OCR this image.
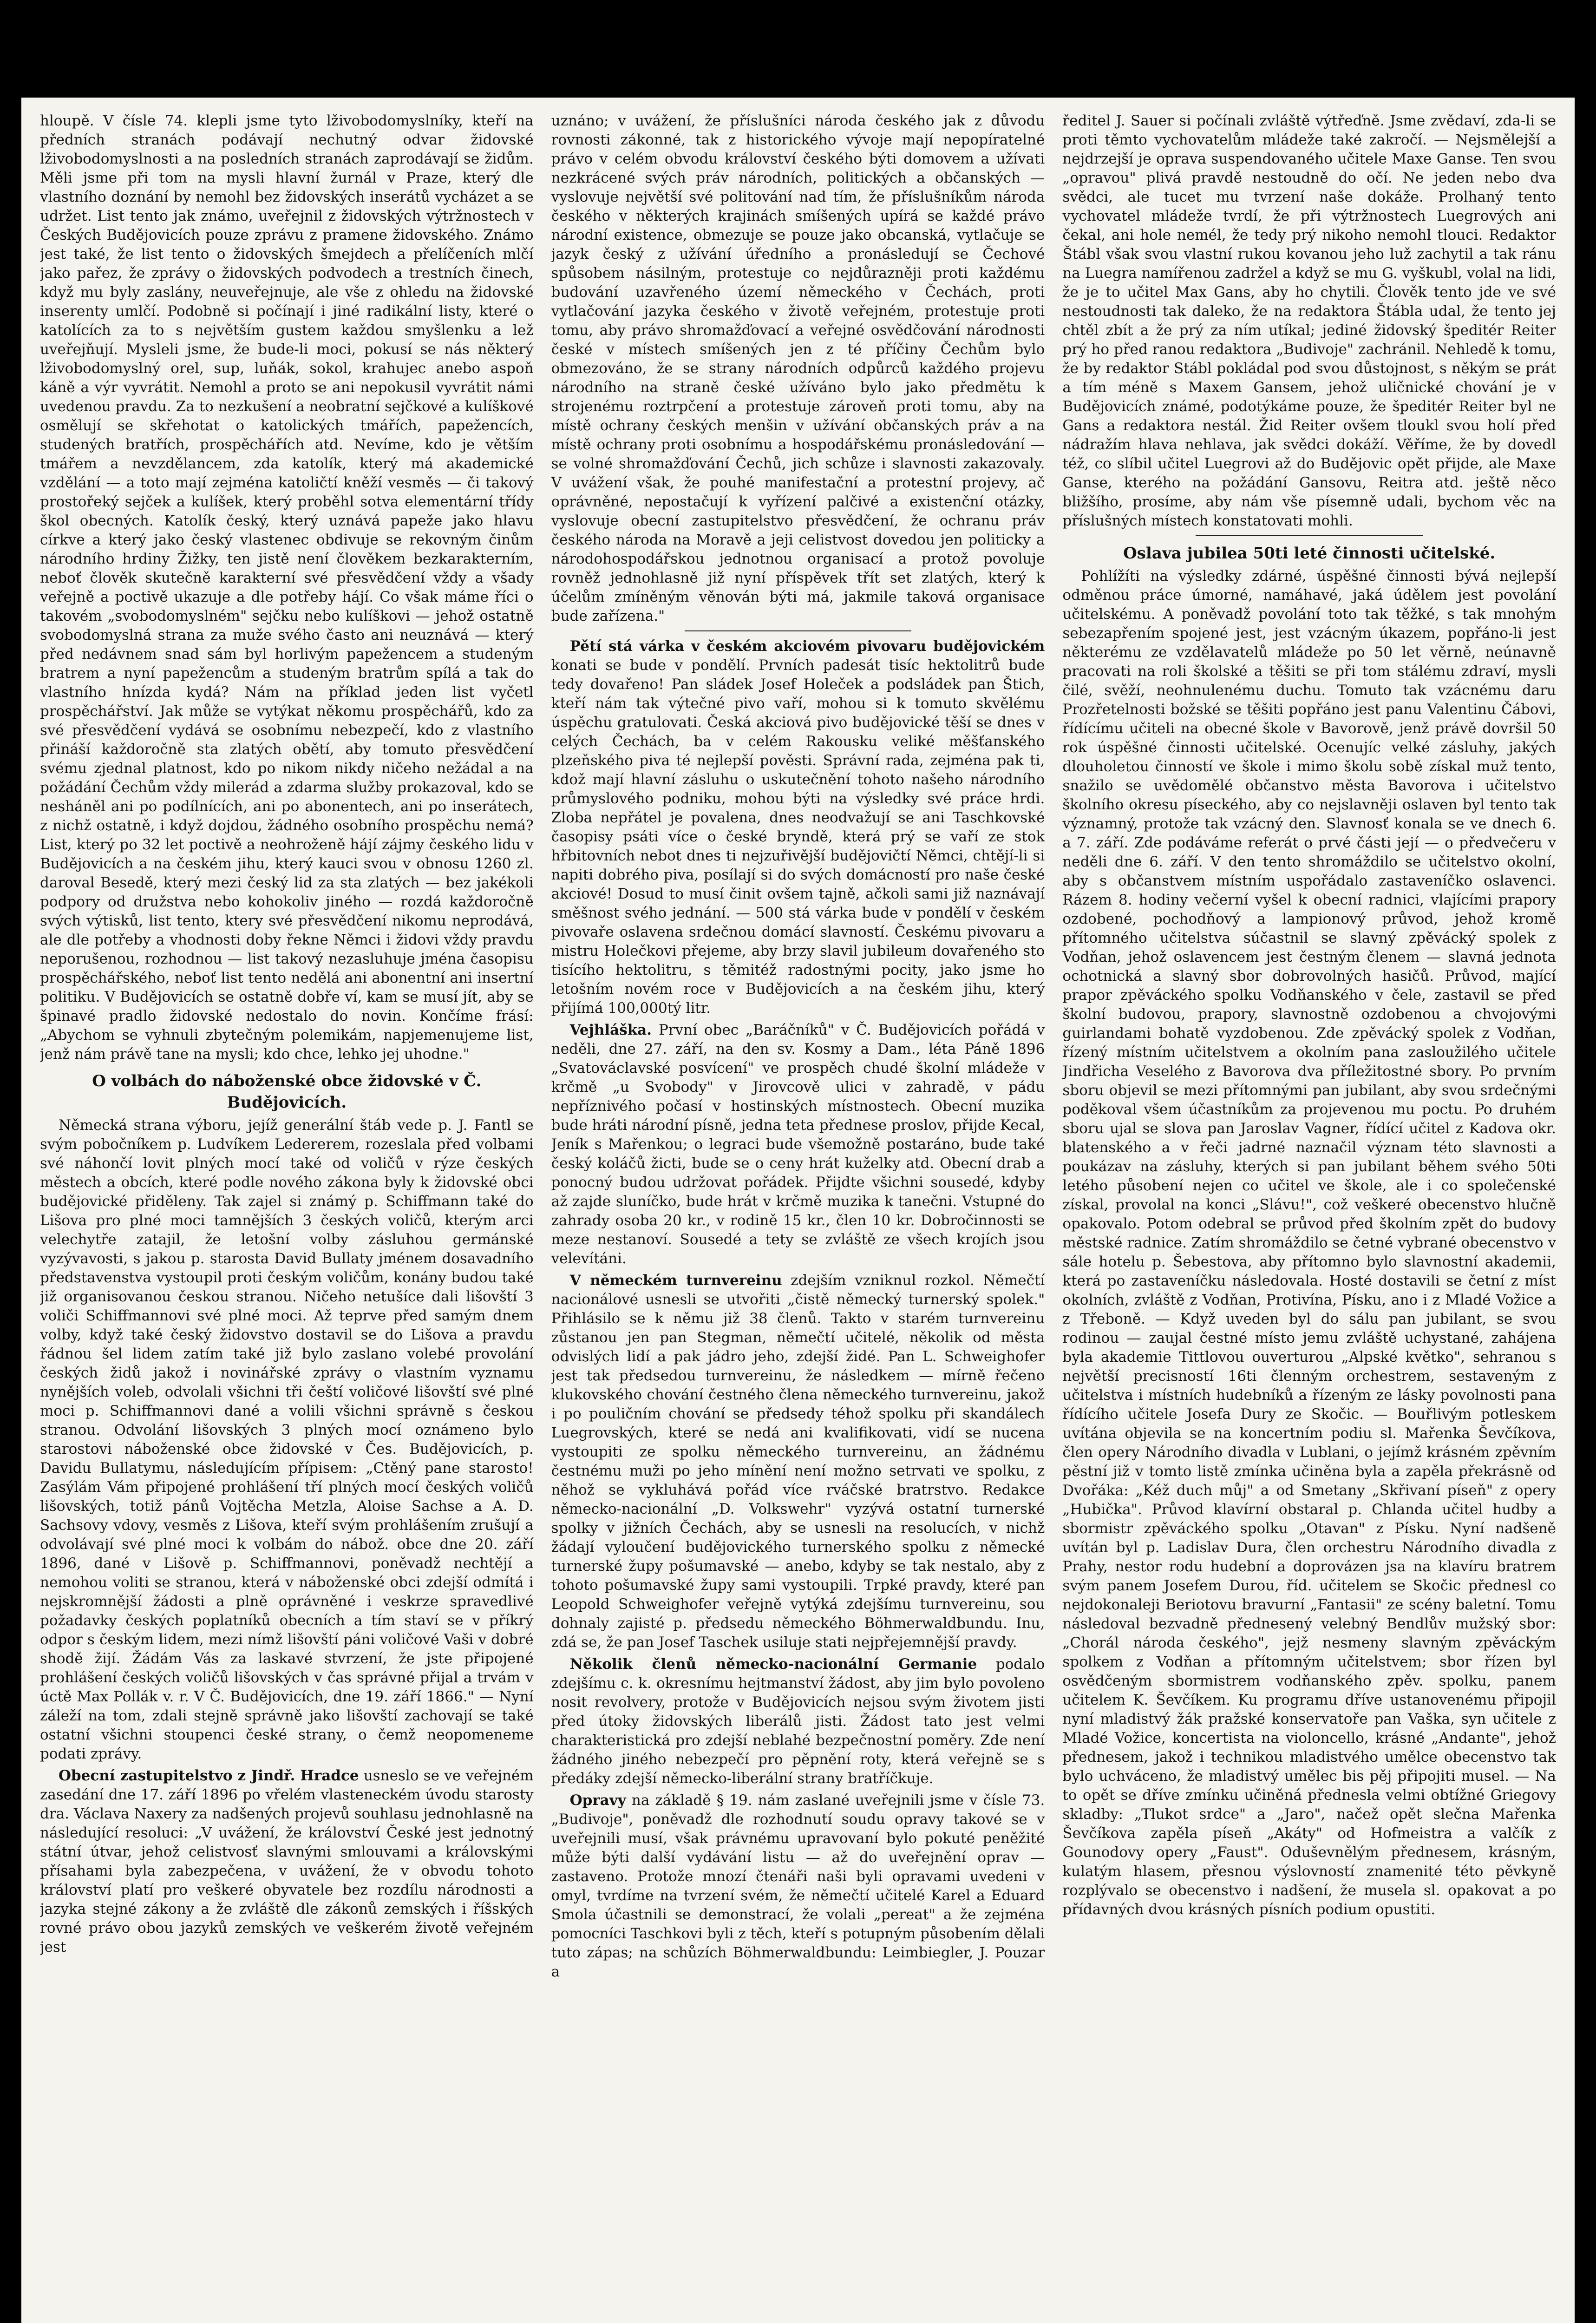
hloupě. V čísle 74. klepli jsme tyto lživobodomyslníky, kteří na předních stranách podávají nechutný odvar židovské lživobodomyslnosti a na posledních stranách zaprodávají se židům. Měli jsme při tom na mysli hlavní žurnál v Praze, který dle vlastního doznání by nemohl bez židovských inserátů vycházet a se udržet. List tento jak známo, uveřejnil z židovských výtržnostech v Českých Budějovicích pouze zprávu z pramene židovského. Známo jest také, že list tento o židovských šmejdech a přelíčeních mlčí jako pařez, že zprávy o židovských podvodech a trestních činech, když mu byly zaslány, neuveřejnuje, ale vše z ohledu na židovské inserenty umlčí. Podobně si počínají i jiné radikální listy, které o katolících za to s největším gustem každou smyšlenku a lež uveřejňují. Mysleli jsme, že bude-li moci, pokusí se nás některý lživobodomyslný orel, sup, luňák, sokol, krahujec anebo aspoň káně a výr vyvrátit. Nemohl a proto se ani nepokusil vyvrátit námi uvedenou pravdu. Za to nezkušení a neobratní sejčkové a kulíškové osmělují se skřehotat o katolických tmářích, papežencích, studených bratřích, prospěchářích atd. Nevíme, kdo je větším tmářem a nevzdělancem, zda katolík, který má akademické vzdělání — a toto mají zejména katoličtí kněží vesměs — či takový prostořeký sejček a kulíšek, který proběhl sotva elementární třídy škol obecných. Katolík český, který uznává papeže jako hlavu církve a který jako český vlastenec obdivuje se rekovným činům národního hrdiny Žižky, ten jistě není člověkem bezkarakterním, neboť člověk skutečně karakterní své přesvědčení vždy a všady veřejně a poctivě ukazuje a dle potřeby hájí. Co však máme říci o takovém „svobodomyslném" sejčku nebo kulíškovi — jehož ostatně svobodomyslná strana za muže svého často ani neuznává — který před nedávnem snad sám byl horlivým papežencem a studeným bratrem a nyní papežencům a studeným bratrům spílá a tak do vlastního hnízda kydá? Nám na příklad jeden list vyčetl prospěchářství. Jak může se vytýkat někomu prospěchářů, kdo za své přesvědčení vydává se osobnímu nebezpečí, kdo z vlastního přináší každoročně sta zlatých obětí, aby tomuto přesvědčení svému zjednal platnost, kdo po nikom nikdy ničeho nežádal a na požádání Čechům vždy milerád a zdarma služby prokazoval, kdo se nesháněl ani po podílnících, ani po abonentech, ani po inserátech, z nichž ostatně, i když dojdou, žádného osobního prospěchu nemá? List, který po 32 let poctivě a neohroženě hájí zájmy českého lidu v Budějovicích a na českém jihu, který kauci svou v obnosu 1260 zl. daroval Besedě, který mezi český lid za sta zlatých — bez jakékoli podpory od družstva nebo kohokoliv jiného — rozdá každoročně svých výtisků, list tento, ktery své přesvědčení nikomu neprodává, ale dle potřeby a vhodnosti doby řekne Němci i židovi vždy pravdu neporušenou, rozhodnou — list takový nezasluhuje jména časopisu prospěchářského, neboť list tento nedělá ani abonentní ani insertní politiku. V Budějovicích se ostatně dobře ví, kam se musí jít, aby se špinavé pradlo židovské nedostalo do novin. Končíme frásí: „Abychom se vyhnuli zbytečným polemikám, napjemenujeme list, jenž nám právě tane na mysli; kdo chce, lehko jej uhodne."

O volbách do náboženské obce židovské v Č. Budějovicích.

Německá strana výboru, jejíž generální štáb vede p. J. Fantl se svým pobočníkem p. Ludvíkem Ledererem, rozeslala před volbami své náhončí lovit plných mocí také od voličů v rýze českých městech a obcích, které podle nového zákona byly k židovské obci budějovické přiděleny. Tak zajel si známý p. Schiffmann také do Lišova pro plné moci tamnějších 3 českých voličů, kterým arci velechytře zatajil, že letošní volby zásluhou germánské vyzývavosti, s jakou p. starosta David Bullaty jménem dosavadního představenstva vystoupil proti českým voličům, konány budou také již organisovanou českou stranou. Ničeho netušíce dali lišovští 3 voliči Schiffmannovi své plné moci. Až teprve před samým dnem volby, když také český židovstvo dostavil se do Lišova a pravdu řádnou šel lidem zatím také již bylo zaslano volebé provolání českých židů jakož i novinářské zprávy o vlastním vyznamu nynějších voleb, odvolali všichni tři čeští voličové lišovští své plné moci p. Schiffmannovi dané a volili všichni správně s českou stranou. Odvolání lišovských 3 plných mocí oznámeno bylo starostovi náboženské obce židovské v Čes. Budějovicích, p. Davidu Bullatymu, následujícím přípisem: „Ctěný pane starosto! Zasýlám Vám připojené prohlášení tří plných mocí českých voličů lišovských, totiž pánů Vojtěcha Metzla, Aloise Sachse a A. D. Sachsovy vdovy, vesměs z Lišova, kteří svým prohlášením zrušují a odvolávají své plné moci k volbám do nábož. obce dne 20. září 1896, dané v Lišově p. Schiffmannovi, poněvadž nechtějí a nemohou voliti se stranou, která v náboženské obci zdejší odmítá i nejskromnější žádosti a plně oprávněné i veskrze spravedlivé požadavky českých poplatníků obecních a tím staví se v příkrý odpor s českým lidem, mezi nímž lišovští páni voličové Vaši v dobré shodě žijí. Žádám Vás za laskavé stvrzení, že jste připojené prohlášení českých voličů lišovských v čas správné přijal a trvám v úctě Max Pollák v. r. V Č. Budějovicích, dne 19. září 1866." — Nyní záleží na tom, zdali stejně správně jako lišovští zachovají se také ostatní všichni stoupenci české strany, o čemž neopomeneme podati zprávy.

Obecní zastupitelstvo z Jindř. Hradce usneslo se ve veřejném zasedání dne 17. září 1896 po vřelém vlasteneckém úvodu starosty dra. Václava Naxery za nadšených projevů souhlasu jednohlasně na následující resoluci: „V uvážení, že království České jest jednotný státní útvar, jehož celistvosť slavnými smlouvami a královskými přísahami byla zabezpečena, v uvážení, že v obvodu tohoto království platí pro veškeré obyvatele bez rozdílu národnosti a jazyka stejné zákony a že zvláště dle zákonů zemských i říšských rovné právo obou jazyků zemských ve veškerém životě veřejném jest

uznáno; v uvážení, že příslušníci národa českého jak z důvodu rovnosti zákonné, tak z historického vývoje mají nepopíratelné právo v celém obvodu království českého býti domovem a užívati nezkrácené svých práv národních, politických a občanských — vyslovuje největší své politování nad tím, že příslušníkům národa českého v některých krajinách smíšených upírá se každé právo národní existence, obmezuje se pouze jako obcanská, vytlačuje se jazyk český z užívání úředního a pronásledují se Čechové spůsobem násilným, protestuje co nejdůrazněji proti každému budování uzavřeného území německého v Čechách, proti vytlačování jazyka českého v životě veřejném, protestuje proti tomu, aby právo shromažďovací a veřejné osvědčování národnosti české v místech smíšených jen z té příčiny Čechům bylo obmezováno, že se strany národních odpůrců každého projevu národního na straně české užíváno bylo jako předmětu k strojenému roztrpčení a protestuje zároveň proti tomu, aby na místě ochrany českých menšin v užívání občanských práv a na místě ochrany proti osobnímu a hospodářskému pronásledování — se volné shromažďování Čechů, jich schůze i slavnosti zakazovaly. V uvážení však, že pouhé manifestační a protestní projevy, ač oprávněné, nepostačují k vyřízení palčivé a existenční otázky, vyslovuje obecní zastupitelstvo přesvědčení, že ochranu práv českého národa na Moravě a jeji celistvost dovedou jen politicky a národohospodářskou jednotnou organisací a protož povoluje rovněž jednohlasně již nyní příspěvek třít set zlatých, který k účelům zmíněným věnován býti má, jakmile taková organisace bude zařízena."

Pětí stá várka v českém akciovém pivovaru budějovickém konati se bude v pondělí. Prvních padesát tisíc hektolitrů bude tedy dovařeno! Pan sládek Josef Holeček a podsládek pan Štich, kteří nám tak výtečné pivo vaří, mohou si k tomuto skvělému úspěchu gratulovati. Česká akciová pivo budějovické těší se dnes v celých Čechách, ba v celém Rakousku veliké měšťanského plzeňského piva té nejlepší pověsti. Správní rada, zejména pak ti, kdož mají hlavní zásluhu o uskutečnění tohoto našeho národního průmyslového podniku, mohou býti na výsledky své práce hrdi. Zloba nepřátel je povalena, dnes neodvažují se ani Taschkovské časopisy psáti více o české bryndě, která prý se vaří ze stok hřbitovních nebot dnes ti nejzuřivější budějovičtí Němci, chtějí-li si napiti dobrého piva, posílají si do svých domácností pro naše české akciové! Dosud to musí činit ovšem tajně, ačkoli sami již naznávají směšnost svého jednání. — 500 stá várka bude v pondělí v českém pivovaře oslavena srdečnou domácí slavností. Českému pivovaru a mistru Holečkovi přejeme, aby brzy slavil jubileum dovařeného sto tisícího hektolitru, s těmitéž radostnými pocity, jako jsme ho letošním novém roce v Budějovicích a na českém jihu, který přijímá 100,000tý litr.

Vejhláška. První obec „Baráčníků" v Č. Budějovicích pořádá v neděli, dne 27. září, na den sv. Kosmy a Dam., léta Páně 1896 „Svatováclavské posvícení" ve prospěch chudé školní mládeže v krčmě „u Svobody" v Jirovcově ulici v zahradě, v pádu nepříznivého počasí v hostinských místnostech. Obecní muzika bude hráti národní písně, jedna teta přednese proslov, přijde Kecal, Jeník s Mařenkou; o legraci bude všemožně postaráno, bude také český koláčů žicti, bude se o ceny hrát kuželky atd. Obecní drab a ponocný budou udržovat pořádek. Přijdte všichni sousedé, kdyby až zajde sluníčko, bude hrát v krčmě muzika k tanečni. Vstupné do zahrady osoba 20 kr., v rodině 15 kr., člen 10 kr. Dobročinnosti se meze nestanoví. Sousedé a tety se zvláště ze všech krojích jsou velevítáni.

V německém turnvereinu zdejším vzniknul rozkol. Němečtí nacionálové usnesli se utvořiti „čistě německý turnerský spolek." Přihlásilo se k němu již 38 členů. Takto v starém turnvereinu zůstanou jen pan Stegman, němečtí učitelé, několik od města odvislých lidí a pak jádro jeho, zdejší židé. Pan L. Schweighofer jest tak předsedou turnvereinu, že následkem — mírně řečeno klukovského chování čestného člena německého turnvereinu, jakož i po pouličním chování se předsedy téhož spolku při skandálech Luegrovských, které se nedá ani kvalifikovati, vidí se nucena vystoupiti ze spolku německého turnvereinu, an žádnému čestnému muži po jeho mínění není možno setrvati ve spolku, z něhož se vykluhává pořád více rváčské bratrstvo. Redakce německo-nacionální „D. Volkswehr" vyzývá ostatní turnerské spolky v jižních Čechách, aby se usnesli na resolucích, v nichž žádají vyloučení budějovického turnerského spolku z německé turnerské župy pošumavské — anebo, kdyby se tak nestalo, aby z tohoto pošumavské župy sami vystoupili. Trpké pravdy, které pan Leopold Schweighofer veřejně vytýká zdejšímu turnvereinu, sou dohnaly zajisté p. předsedu německého Böhmerwaldbundu. Inu, zdá se, že pan Josef Taschek usiluje stati nejpřejemnější pravdy.

Několik členů německo-nacionální Germanie podalo zdejšímu c. k. okresnímu hejtmanství žádost, aby jim bylo povoleno nosit revolvery, protože v Budějovicích nejsou svým životem jisti před útoky židovských liberálů jisti. Žádost tato jest velmi charakteristická pro zdejší neblahé bezpečnostní poměry. Zde není žádného jiného nebezpečí pro pěpnění roty, která veřejně se s předáky zdejší německo-liberální strany bratříčkuje.

Opravy na základě § 19. nám zaslané uveřejnili jsme v čísle 73. „Budivoje", poněvadž dle rozhodnutí soudu opravy takové se v uveřejnili musí, však právnému upravovaní bylo pokuté peněžité může býti další vydávání listu — až do uveřejnění oprav — zastaveno. Protože mnozí čtenáři naši byli opravami uvedeni v omyl, tvrdíme na tvrzení svém, že němečtí učitelé Karel a Eduard Smola účastnili se demonstrací, že volali „pereat" a že zejména pomocníci Taschkovi byli z těch, kteří s potupným působením dělali tuto zápas; na schůzích Böhmerwaldbundu: Leimbiegler, J. Pouzar a

ředitel J. Sauer si počínali zvláště výtřeďně. Jsme zvědaví, zda-li se proti těmto vychovatelům mládeže také zakročí. — Nejsmělejší a nejdrzejší je oprava suspendovaného učitele Maxe Ganse. Ten svou „opravou" plivá pravdě nestoudně do očí. Ne jeden nebo dva svědci, ale tucet mu tvrzení naše dokáže. Prolhaný tento vychovatel mládeže tvrdí, že při výtržnostech Luegrových ani čekal, ani hole nemél, že tedy prý nikoho nemohl tlouci. Redaktor Štábl však svou vlastní rukou kovanou jeho luž zachytil a tak ránu na Luegra namířenou zadržel a když se mu G. vyškubl, volal na lidi, že je to učitel Max Gans, aby ho chytili. Člověk tento jde ve své nestoudnosti tak daleko, že na redaktora Štábla udal, že tento jej chtěl zbít a že prý za ním utíkal; jediné židovský špeditér Reiter prý ho před ranou redaktora „Budivoje" zachránil. Nehledě k tomu, že by redaktor Stábl pokládal pod svou důstojnost, s někým se prát a tím méně s Maxem Gansem, jehož uličnické chování je v Budějovicích známé, podotýkáme pouze, že špeditér Reiter byl ne Gans a redaktora nestál. Žid Reiter ovšem tloukl svou holí před nádražím hlava nehlava, jak svědci dokáží. Věříme, že by dovedl též, co slíbil učitel Luegrovi až do Budějovic opět přijde, ale Maxe Ganse, kterého na požádání Gansovu, Reitra atd. ještě něco bližšího, prosíme, aby nám vše písemně udali, bychom věc na příslušných místech konstatovati mohli.

Oslava jubilea 50ti leté činnosti učitelské.

Pohlížíti na výsledky zdárné, úspěšné činnosti bývá nejlepší odměnou práce úmorné, namáhavé, jaká údělem jest povolání učitelskému. A poněvadž povolání toto tak těžké, s tak mnohým sebezapřením spojené jest, jest vzácným úkazem, popřáno-li jest některému ze vzdělavatelů mládeže po 50 let věrně, neúnavně pracovati na roli školské a těšiti se při tom stálému zdraví, mysli čilé, svěží, neohnulenému duchu. Tomuto tak vzácnému daru Prozřetelnosti božské se těšiti popřáno jest panu Valentinu Čábovi, řídícímu učiteli na obecné škole v Bavorově, jenž právě dovršil 50 rok úspěšné činnosti učitelské. Ocenujíc velké zásluhy, jakých dlouholetou činností ve škole i mimo školu sobě získal muž tento, snažilo se uvědomělé občanstvo města Bavorova i učitelstvo školního okresu píseckého, aby co nejslavněji oslaven byl tento tak významný, protože tak vzácný den. Slavnosť konala se ve dnech 6. a 7. září. Zde podáváme referát o prvé části její — o předvečeru v neděli dne 6. září. V den tento shromáždilo se učitelstvo okolní, aby s občanstvem místním uspořádalo zastaveníčko oslavenci. Rázem 8. hodiny večerní vyšel k obecní radnici, vlajícími prapory ozdobené, pochodňový a lampionový průvod, jehož kromě přítomného učitelstva súčastnil se slavný zpěvácký spolek z Vodňan, jehož oslavencem jest čestným členem — slavná jednota ochotnická a slavný sbor dobrovolných hasičů. Průvod, mající prapor zpěváckého spolku Vodňanského v čele, zastavil se před školní budovou, prapory, slavnostně ozdobenou a chvojovými guirlandami bohatě vyzdobenou. Zde zpěvácký spolek z Vodňan, řízený místním učitelstvem a okolním pana zasloužilého učitele Jindřicha Veselého z Bavorova dva příležitostné sbory. Po prvním sboru objevil se mezi přítomnými pan jubilant, aby svou srdečnými poděkoval všem účastníkům za projevenou mu poctu. Po druhém sboru ujal se slova pan Jaroslav Vagner, řídící učitel z Kadova okr. blatenského a v řeči jadrné naznačil význam této slavnosti a poukázav na zásluhy, kterých si pan jubilant během svého 50ti letého působení nejen co učitel ve škole, ale i co společenské získal, provolal na konci „Slávu!", což veškeré obecenstvo hlučně opakovalo. Potom odebral se průvod před školním zpět do budovy městské radnice. Zatím shromáždilo se četné vybrané obecenstvo v sále hotelu p. Šebestova, aby přítomno bylo slavnostní akademii, která po zastaveníčku následovala. Hosté dostavili se četní z míst okolních, zvláště z Vodňan, Protivína, Písku, ano i z Mladé Vožice a z Třeboně. — Když uveden byl do sálu pan jubilant, se svou rodinou — zaujal čestné místo jemu zvláště uchystané, zahájena byla akademie Tittlovou ouverturou „Alpské květko", sehranou s největší precisností 16ti členným orchestrem, sestaveným z učitelstva i místních hudebníků a řízeným ze lásky povolnosti pana řídícího učitele Josefa Dury ze Skočic. — Bouřlivým potleskem uvítána objevila se na koncertním podiu sl. Mařenka Ševčíkova, člen opery Národního divadla v Lublani, o jejímž krásném zpěvním pěstní již v tomto listě zmínka učiněna byla a zapěla překrásně od Dvořáka: „Kéž duch můj" a od Smetany „Skřivaní píseň" z opery „Hubička". Průvod klavírní obstaral p. Chlanda učitel hudby a sbormistr zpěváckého spolku „Otavan" z Písku. Nyní nadšeně uvítán byl p. Ladislav Dura, člen orchestru Národního divadla z Prahy, nestor rodu hudební a doprovázen jsa na klavíru bratrem svým panem Josefem Durou, říd. učitelem se Skočic přednesl co nejdokonaleji Beriotovu bravurní „Fantasii" ze scény baletní. Tomu následoval bezvadně přednesený velebný Bendlův mužský sbor: „Chorál národa českého", jejž nesmeny slavným zpěváckým spolkem z Vodňan a přítomným učitelstvem; sbor řízen byl osvědčeným sbormistrem vodňanského zpěv. spolku, panem učitelem K. Ševčíkem. Ku programu dříve ustanovenému připojil nyní mladistvý žák pražské konservatoře pan Vaška, syn učitele z Mladé Vožice, koncertista na violoncello, krásné „Andante", jehož přednesem, jakož i technikou mladistvého umělce obecenstvo tak bylo uchváceno, že mladistvý umělec bis pěj připojiti musel. — Na to opět se dříve zmínku učiněná přednesla velmi obtížné Griegovy skladby: „Tlukot srdce" a „Jaro", načež opět slečna Mařenka Ševčíkova zapěla píseň „Akáty" od Hofmeistra a valčík z Gounodovy opery „Faust". Oduševnělým přednesem, krásným, kulatým hlasem, přesnou výslovností znamenité této pěvkyně rozplývalo se obecenstvo i nadšení, že musela sl. opakovat a po přídavných dvou krásných písních podium opustiti.
